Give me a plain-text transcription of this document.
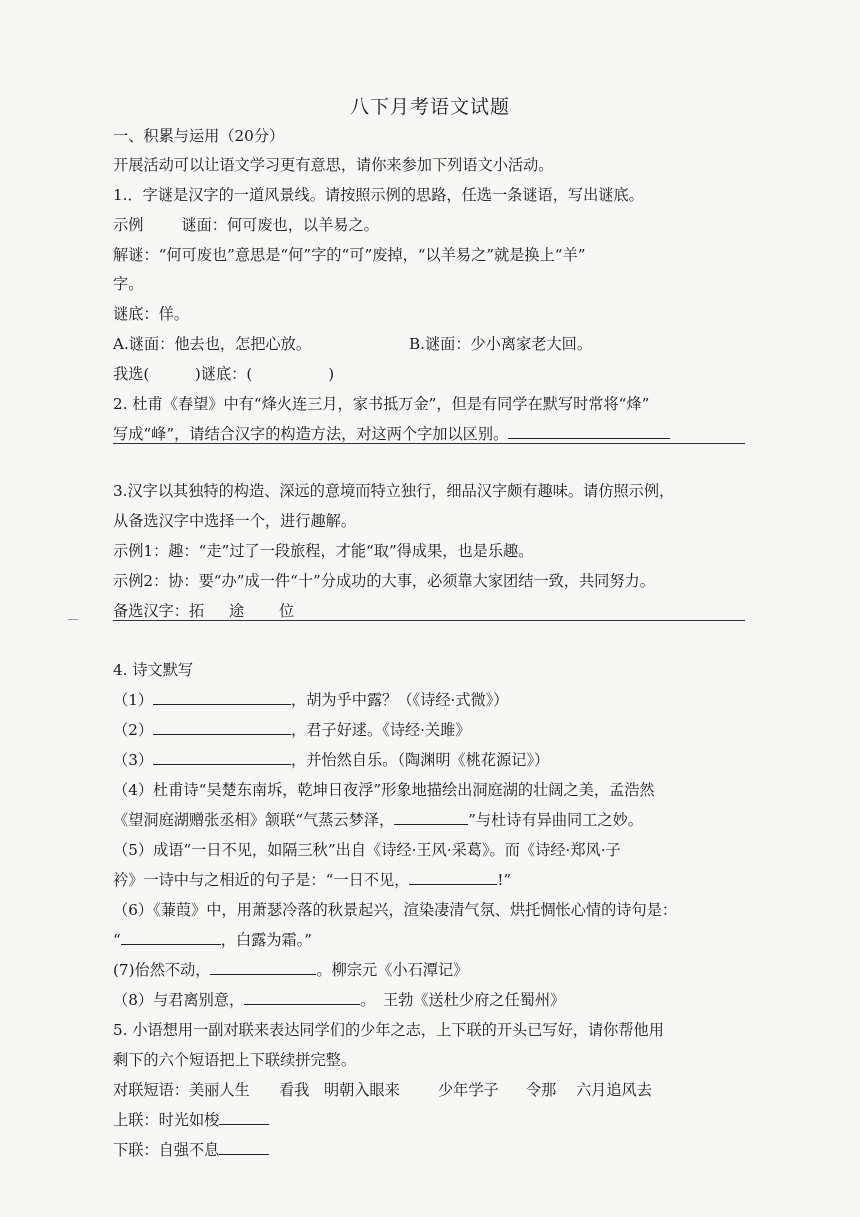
八下月考语文试题

一、积累与运用（20分）

开展活动可以让语文学习更有意思，请你来参加下列语文小活动。

1.．字谜是汉字的一道风景线。请按照示例的思路，任选一条谜语，写出谜底。

示例	谜面：何可废也，以羊易之。

解谜：“何可废也”意思是“何”字的“可”废掉，“以羊易之”就是换上“羊”

字。

谜底：佯。

A.谜面：他去也，怎把心放。	B.谜面：少小离家老大回。

我选(　　　)谜底：(　　　　　)

2. 杜甫《春望》中有“烽火连三月，家书抵万金”，但是有同学在默写时常将“烽”

写成“峰”，请结合汉字的构造方法，对这两个字加以区别。

3.汉字以其独特的构造、深远的意境而特立独行，细品汉字颇有趣味。请仿照示例，

从备选汉字中选择一个，进行趣解。

示例1：趣：“走”过了一段旅程，才能“取”得成果，也是乐趣。

示例2：协：要“办”成一件“十”分成功的大事，必须靠大家团结一致，共同努力。

备选汉字：拓 途 位

4. 诗文默写

（1）	，胡为乎中露？（《诗经·式微》）

（2）	，君子好逑。《诗经·关雎》

（3）	，并怡然自乐。（陶渊明《桃花源记》）

（4）杜甫诗“吴楚东南坼，乾坤日夜浮”形象地描绘出洞庭湖的壮阔之美，孟浩然

《望洞庭湖赠张丞相》颔联“气蒸云梦泽，	”与杜诗有异曲同工之妙。

（5）成语“一日不见，如隔三秋”出自《诗经·王风·采葛》。而《诗经·郑风·子

衿》一诗中与之相近的句子是：“一日不见，	!”

（6）《蒹葭》中，用萧瑟冷落的秋景起兴，渲染凄清气氛、烘托惆怅心情的诗句是：

“	，白露为霜。”

(7)佁然不动，	。柳宗元《小石潭记》

（8）与君离别意，	。　王勃《送杜少府之任蜀州》

5. 小语想用一副对联来表达同学们的少年之志，上下联的开头已写好，请你帮他用

剩下的六个短语把上下联续拼完整。

对联短语：美丽人生 看我 明朝入眼来	少年学子 令那 六月追风去

上联：时光如梭

下联：自强不息
